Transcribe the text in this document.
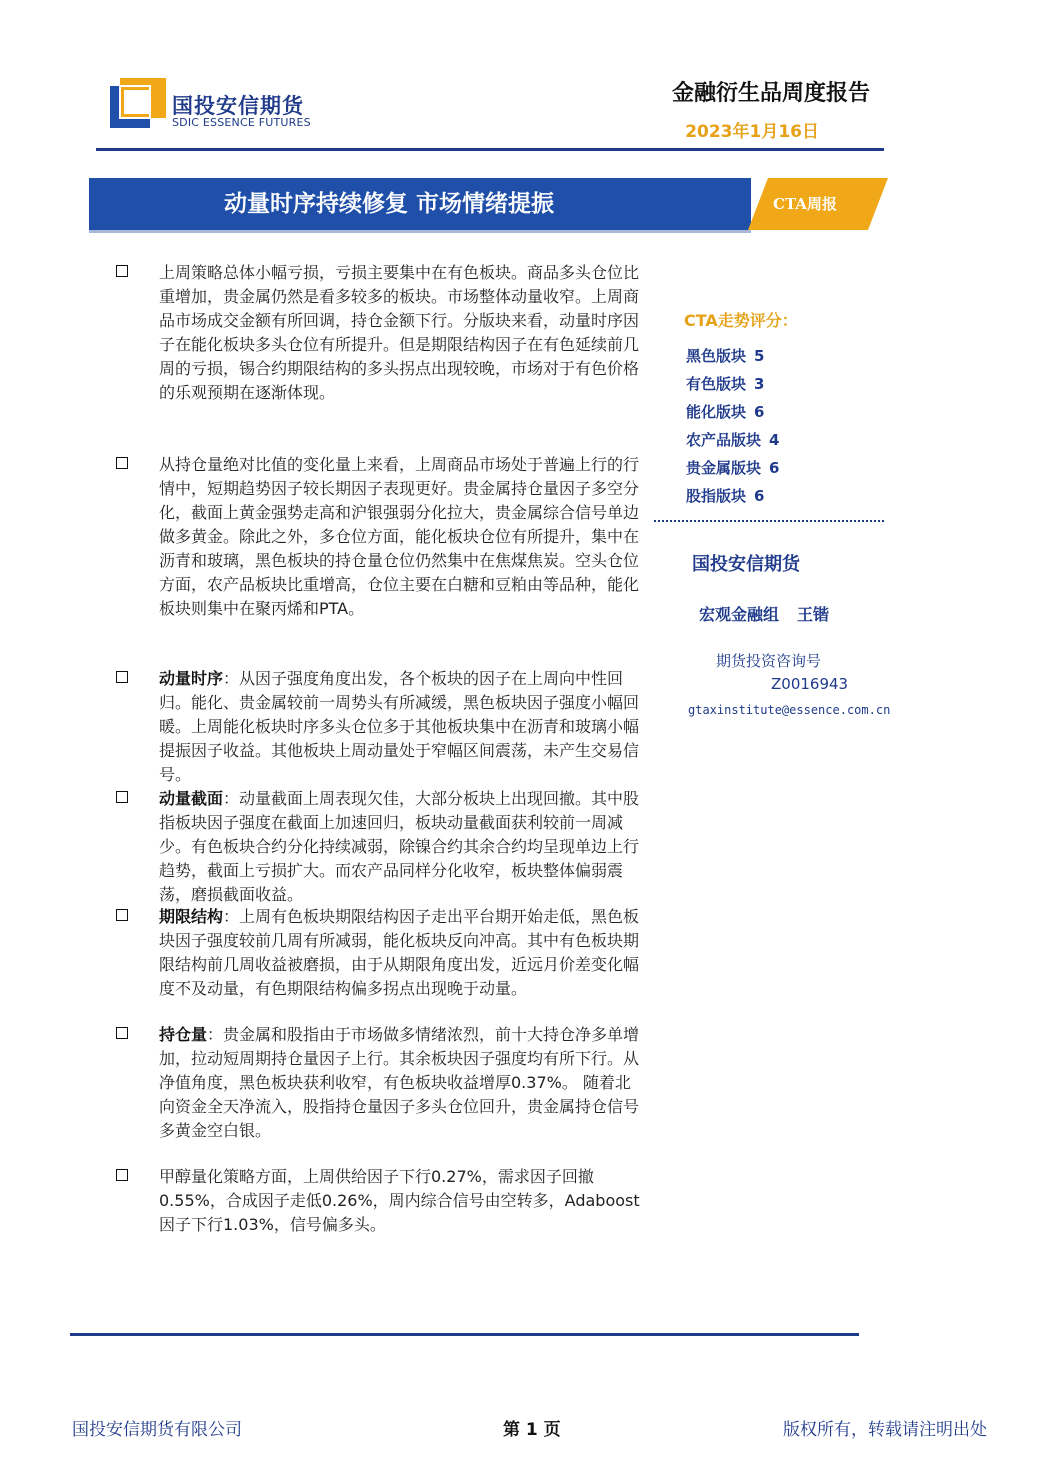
国投安信期货
SDIC ESSENCE FUTURES
金融衍生品周度报告
2023年1月16日
动量时序持续修复 市场情绪提振	CTA周报
上周策略总体小幅亏损，亏损主要集中在有色板块。商品多头仓位比重增加，贵金属仍然是看多较多的板块。市场整体动量收窄。上周商品市场成交金额有所回调，持仓金额下行。分版块来看，动量时序因子在能化板块多头仓位有所提升。但是期限结构因子在有色延续前几周的亏损，锡合约期限结构的多头拐点出现较晚，市场对于有色价格的乐观预期在逐渐体现。
从持仓量绝对比值的变化量上来看，上周商品市场处于普遍上行的行情中，短期趋势因子较长期因子表现更好。贵金属持仓量因子多空分化，截面上黄金强势走高和沪银强弱分化拉大，贵金属综合信号单边做多黄金。除此之外，多仓位方面，能化板块仓位有所提升，集中在沥青和玻璃，黑色板块的持仓量仓位仍然集中在焦煤焦炭。空头仓位方面，农产品板块比重增高，仓位主要在白糖和豆粕由等品种，能化板块则集中在聚丙烯和PTA。
动量时序：从因子强度角度出发，各个板块的因子在上周向中性回归。能化、贵金属较前一周势头有所减缓，黑色板块因子强度小幅回暖。上周能化板块时序多头仓位多于其他板块集中在沥青和玻璃小幅提振因子收益。其他板块上周动量处于窄幅区间震荡，未产生交易信号。
动量截面：动量截面上周表现欠佳，大部分板块上出现回撤。其中股指板块因子强度在截面上加速回归，板块动量截面获利较前一周减少。有色板块合约分化持续减弱，除镍合约其余合约均呈现单边上行趋势，截面上亏损扩大。而农产品同样分化收窄，板块整体偏弱震荡，磨损截面收益。
期限结构：上周有色板块期限结构因子走出平台期开始走低，黑色板块因子强度较前几周有所减弱，能化板块反向冲高。其中有色板块期限结构前几周收益被磨损，由于从期限角度出发，近远月价差变化幅度不及动量，有色期限结构偏多拐点出现晚于动量。
持仓量：贵金属和股指由于市场做多情绪浓烈，前十大持仓净多单增加，拉动短周期持仓量因子上行。其余板块因子强度均有所下行。从净值角度，黑色板块获利收窄，有色板块收益增厚0.37%。 随着北向资金全天净流入，股指持仓量因子多头仓位回升，贵金属持仓信号多黄金空白银。
甲醇量化策略方面，上周供给因子下行0.27%，需求因子回撤0.55%，合成因子走低0.26%，周内综合信号由空转多，Adaboost因子下行1.03%，信号偏多头。
CTA走势评分：
黑色版块 5
有色版块 3
能化版块 6
农产品版块 4
贵金属版块 6
股指版块 6
国投安信期货
宏观金融组 王锴
期货投资咨询号
Z0016943
gtaxinstitute@essence.com.cn
国投安信期货有限公司	第 1 页	版权所有，转载请注明出处
